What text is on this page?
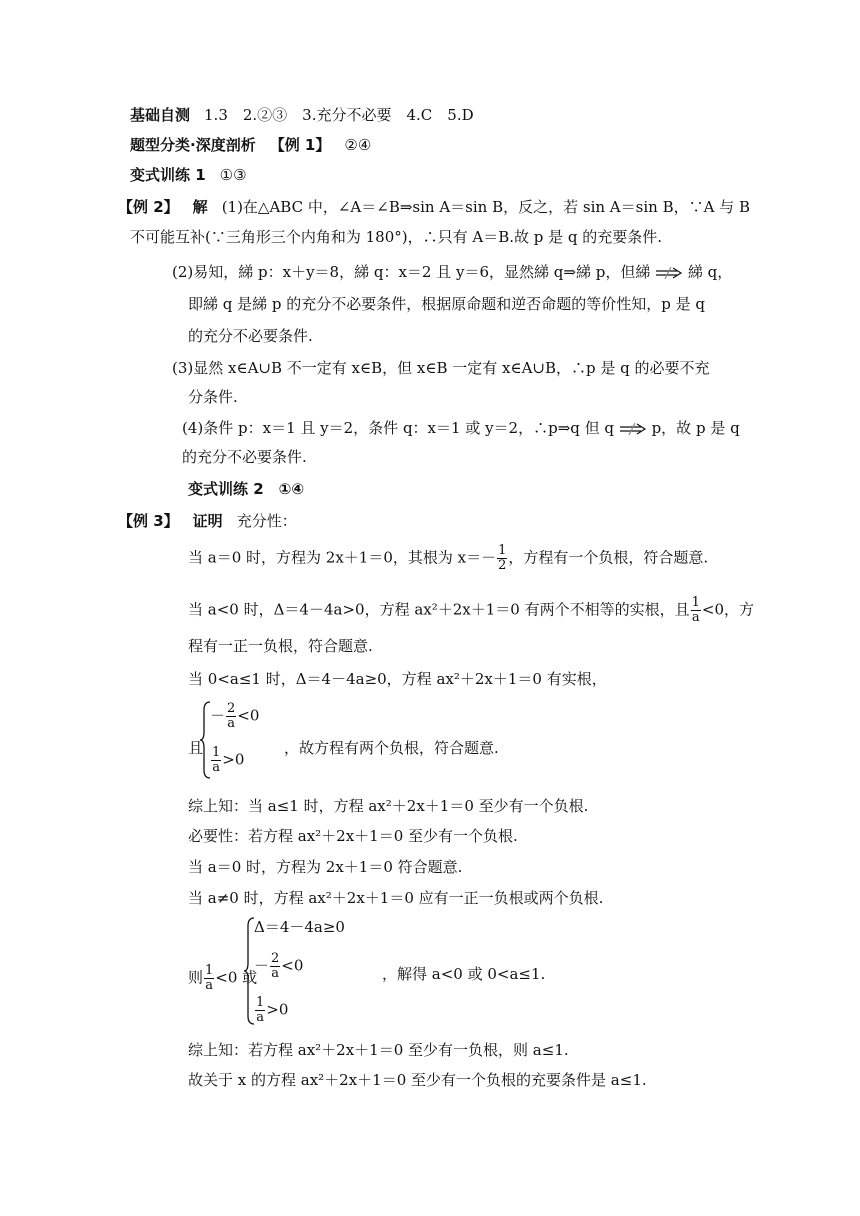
基础自测 1.3　2.②③　3.充分不必要　4.C　5.D
题型分类·深度剖析 【例 1】 ②④
变式训练 1 ①③
【例 2】 解 (1)在△ABC 中，∠A＝∠B⇒sin A＝sin B，反之，若 sin A＝sin B，∵A 与 B
不可能互补(∵三角形三个内角和为 180°)，∴只有 A＝B.故 p 是 q 的充要条件.
(2)易知，綈 p：x＋y＝8，綈 q：x＝2 且 y＝6，显然綈 q⇒綈 p，但綈	綈 q，
即綈 q 是綈 p 的充分不必要条件，根据原命题和逆否命题的等价性知，p 是 q
的充分不必要条件.
(3)显然 x∈A∪B 不一定有 x∈B，但 x∈B 一定有 x∈A∪B，∴p 是 q 的必要不充
分条件.
(4)条件 p：x＝1 且 y＝2，条件 q：x＝1 或 y＝2，∴p⇒q 但 q	p，故 p 是 q
的充分不必要条件.
变式训练 2　①④
【例 3】 证明 充分性：
当 a＝0 时，方程为 2x＋1＝0，其根为 $x=- \frac{1}{2}$ ，方程有一个负根，符合题意.
当 a<0 时，Δ＝4－4a>0，方程 ax²＋2x＋1＝0 有两个不相等的实根，且 $\frac{1}{a} <0$，方
程有一正一负根，符合题意.
当 0<a≤1 时，Δ＝4－4a≥0，方程 ax²＋2x＋1＝0 有实根，
且
－ $\frac{2}{a} <0$
$\frac{1}{a} >0$
，故方程有两个负根，符合题意.
综上知：当 a≤1 时，方程 ax²＋2x＋1＝0 至少有一个负根.
必要性：若方程 ax²＋2x＋1＝0 至少有一个负根.
当 a＝0 时，方程为 2x＋1＝0 符合题意.
当 a≠0 时，方程 ax²＋2x＋1＝0 应有一正一负根或两个负根.
则 $\frac{1}{a} <0$ 或
Δ＝4－4a≥0
－ $\frac{2}{a} <0$
$\frac{1}{a} >0$
，解得 a<0 或 0<a≤1.
综上知：若方程 ax²＋2x＋1＝0 至少有一负根，则 a≤1.
故关于 x 的方程 ax²＋2x＋1＝0 至少有一个负根的充要条件是 a≤1.
